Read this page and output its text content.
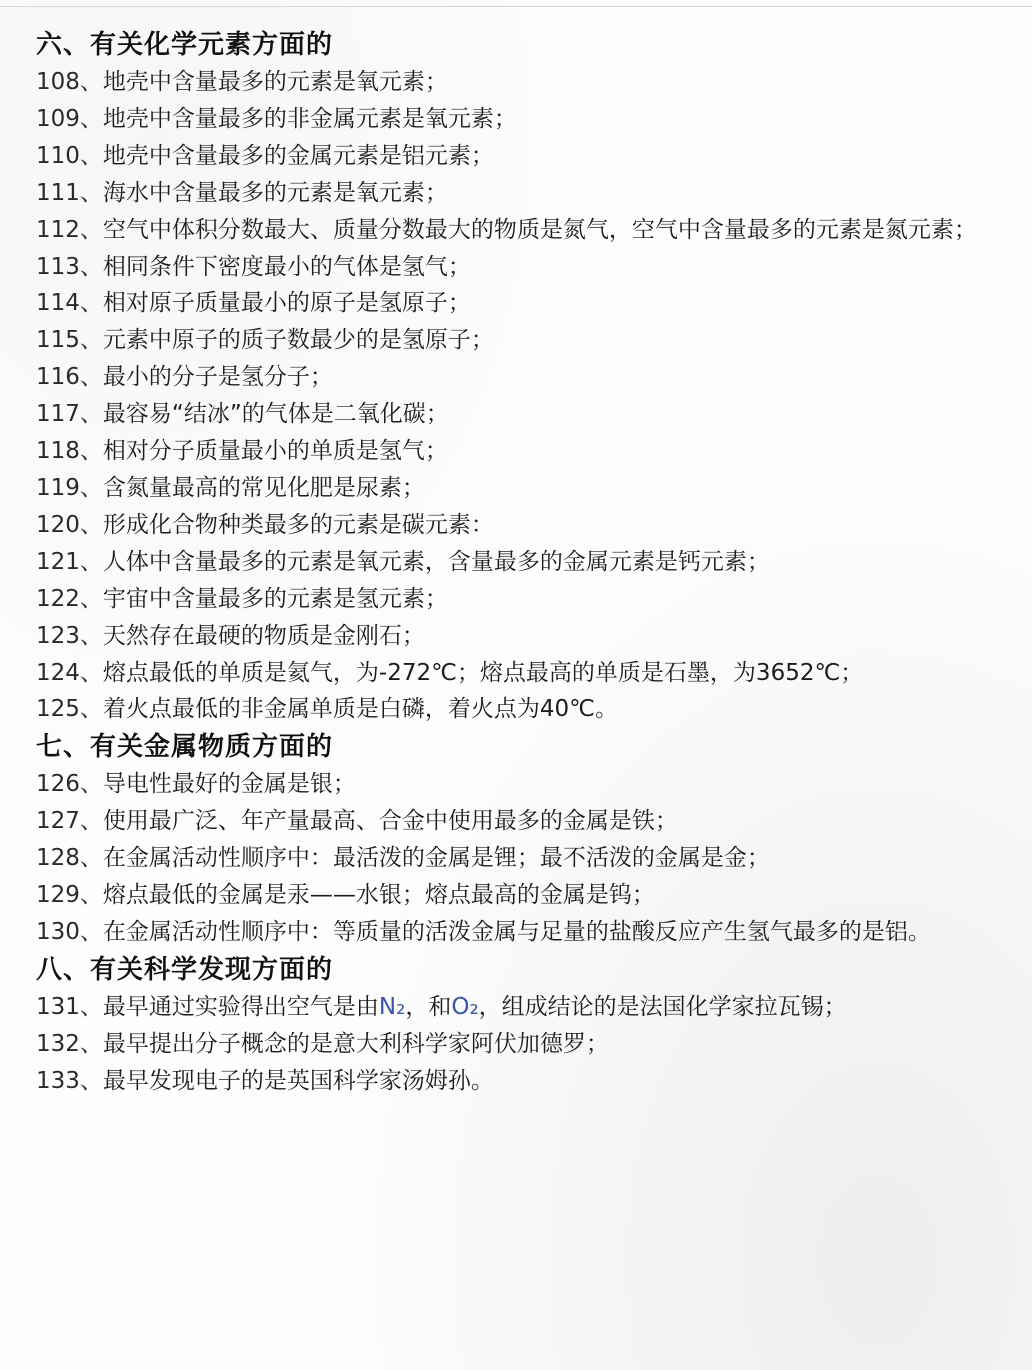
六、有关化学元素方面的
108、地壳中含量最多的元素是氧元素；
109、地壳中含量最多的非金属元素是氧元素；
110、地壳中含量最多的金属元素是铝元素；
111、海水中含量最多的元素是氧元素；
112、空气中体积分数最大、质量分数最大的物质是氮气，空气中含量最多的元素是氮元素；
113、相同条件下密度最小的气体是氢气；
114、相对原子质量最小的原子是氢原子；
115、元素中原子的质子数最少的是氢原子；
116、最小的分子是氢分子；
117、最容易“结冰”的气体是二氧化碳；
118、相对分子质量最小的单质是氢气；
119、含氮量最高的常见化肥是尿素；
120、形成化合物种类最多的元素是碳元素：
121、人体中含量最多的元素是氧元素，含量最多的金属元素是钙元素；
122、宇宙中含量最多的元素是氢元素；
123、天然存在最硬的物质是金刚石；
124、熔点最低的单质是氦气，为-272℃；熔点最高的单质是石墨，为3652℃；
125、着火点最低的非金属单质是白磷，着火点为40℃。
七、有关金属物质方面的
126、导电性最好的金属是银；
127、使用最广泛、年产量最高、合金中使用最多的金属是铁；
128、在金属活动性顺序中：最活泼的金属是锂；最不活泼的金属是金；
129、熔点最低的金属是汞——水银；熔点最高的金属是钨；
130、在金属活动性顺序中：等质量的活泼金属与足量的盐酸反应产生氢气最多的是铝。
八、有关科学发现方面的
131、最早通过实验得出空气是由N₂，和O₂，组成结论的是法国化学家拉瓦锡；
132、最早提出分子概念的是意大利科学家阿伏加德罗；
133、最早发现电子的是英国科学家汤姆孙。
